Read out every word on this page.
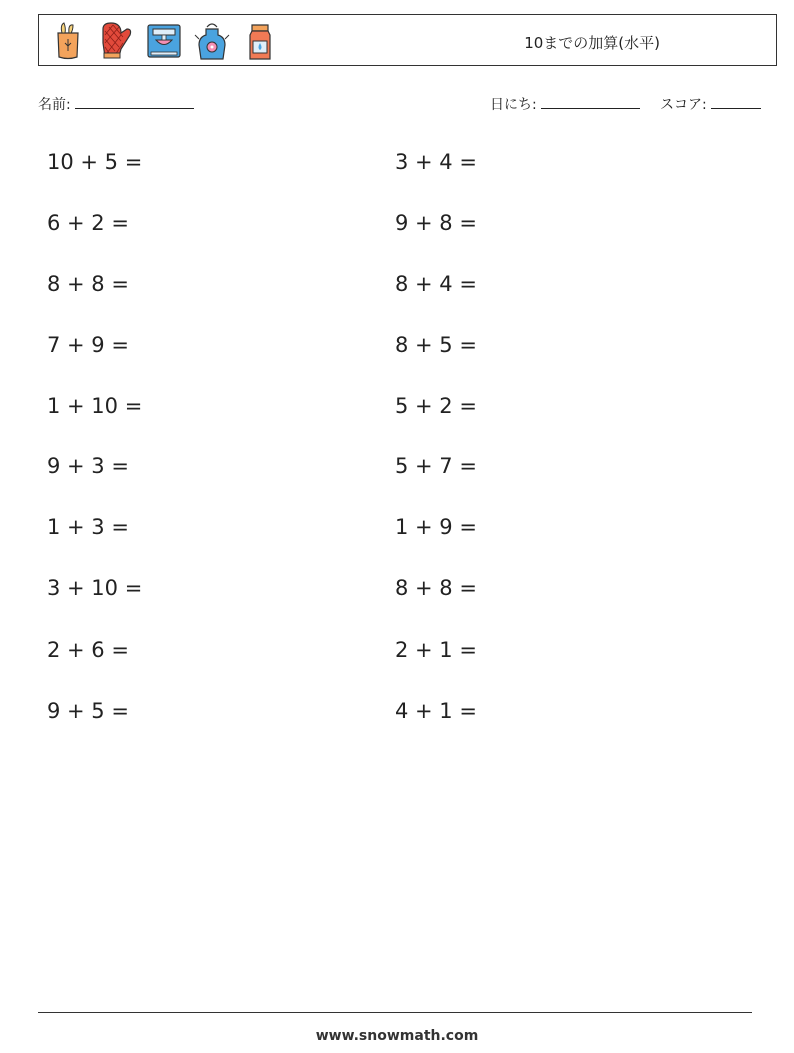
10までの加算(水平)
名前:	日にち:	スコア:
10 + 5 =	3 + 4 =
6 + 2 =	9 + 8 =
8 + 8 =	8 + 4 =
7 + 9 =	8 + 5 =
1 + 10 =	5 + 2 =
9 + 3 =	5 + 7 =
1 + 3 =	1 + 9 =
3 + 10 =	8 + 8 =
2 + 6 =	2 + 1 =
9 + 5 =	4 + 1 =
www.snowmath.com
